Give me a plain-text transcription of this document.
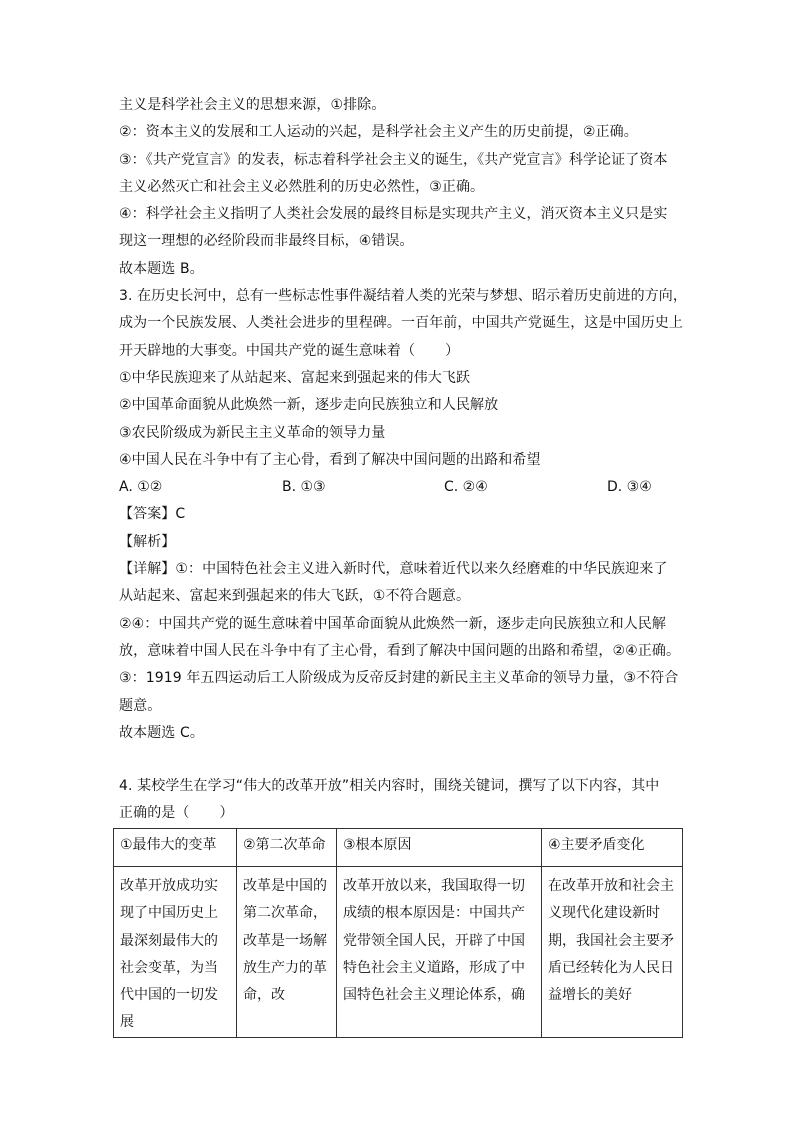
主义是科学社会主义的思想来源，①排除。
②：资本主义的发展和工人运动的兴起，是科学社会主义产生的历史前提，②正确。
③：《共产党宣言》的发表，标志着科学社会主义的诞生，《共产党宣言》科学论证了资本
主义必然灭亡和社会主义必然胜利的历史必然性，③正确。
④：科学社会主义指明了人类社会发展的最终目标是实现共产主义，消灭资本主义只是实
现这一理想的必经阶段而非最终目标，④错误。
故本题选 B。
3. 在历史长河中，总有一些标志性事件凝结着人类的光荣与梦想、昭示着历史前进的方向，
成为一个民族发展、人类社会进步的里程碑。一百年前，中国共产党诞生，这是中国历史上
开天辟地的大事变。中国共产党的诞生意味着（ ）
①中华民族迎来了从站起来、富起来到强起来的伟大飞跃
②中国革命面貌从此焕然一新，逐步走向民族独立和人民解放
③农民阶级成为新民主主义革命的领导力量
④中国人民在斗争中有了主心骨，看到了解决中国问题的出路和希望
A. ①②	B. ①③	C. ②④	D. ③④
【答案】C
【解析】
【详解】①：中国特色社会主义进入新时代，意味着近代以来久经磨难的中华民族迎来了
从站起来、富起来到强起来的伟大飞跃，①不符合题意。
②④：中国共产党的诞生意味着中国革命面貌从此焕然一新，逐步走向民族独立和人民解
放，意味着中国人民在斗争中有了主心骨，看到了解决中国问题的出路和希望，②④正确。
③：1919 年五四运动后工人阶级成为反帝反封建的新民主主义革命的领导力量，③不符合
题意。
故本题选 C。
4. 某校学生在学习“伟大的改革开放”相关内容时，围绕关键词，撰写了以下内容，其中
正确的是（ ）
①最伟大的变革	②第二次革命	③根本原因	④主要矛盾变化
改革开放成功实现了中国历史上最深刻最伟大的社会变革，为当代中国的一切发展	改革是中国的第二次革命，改革是一场解放生产力的革命，改	改革开放以来，我国取得一切成绩的根本原因是：中国共产党带领全国人民，开辟了中国特色社会主义道路，形成了中国特色社会主义理论体系，确	在改革开放和社会主义现代化建设新时期，我国社会主要矛盾已经转化为人民日益增长的美好
